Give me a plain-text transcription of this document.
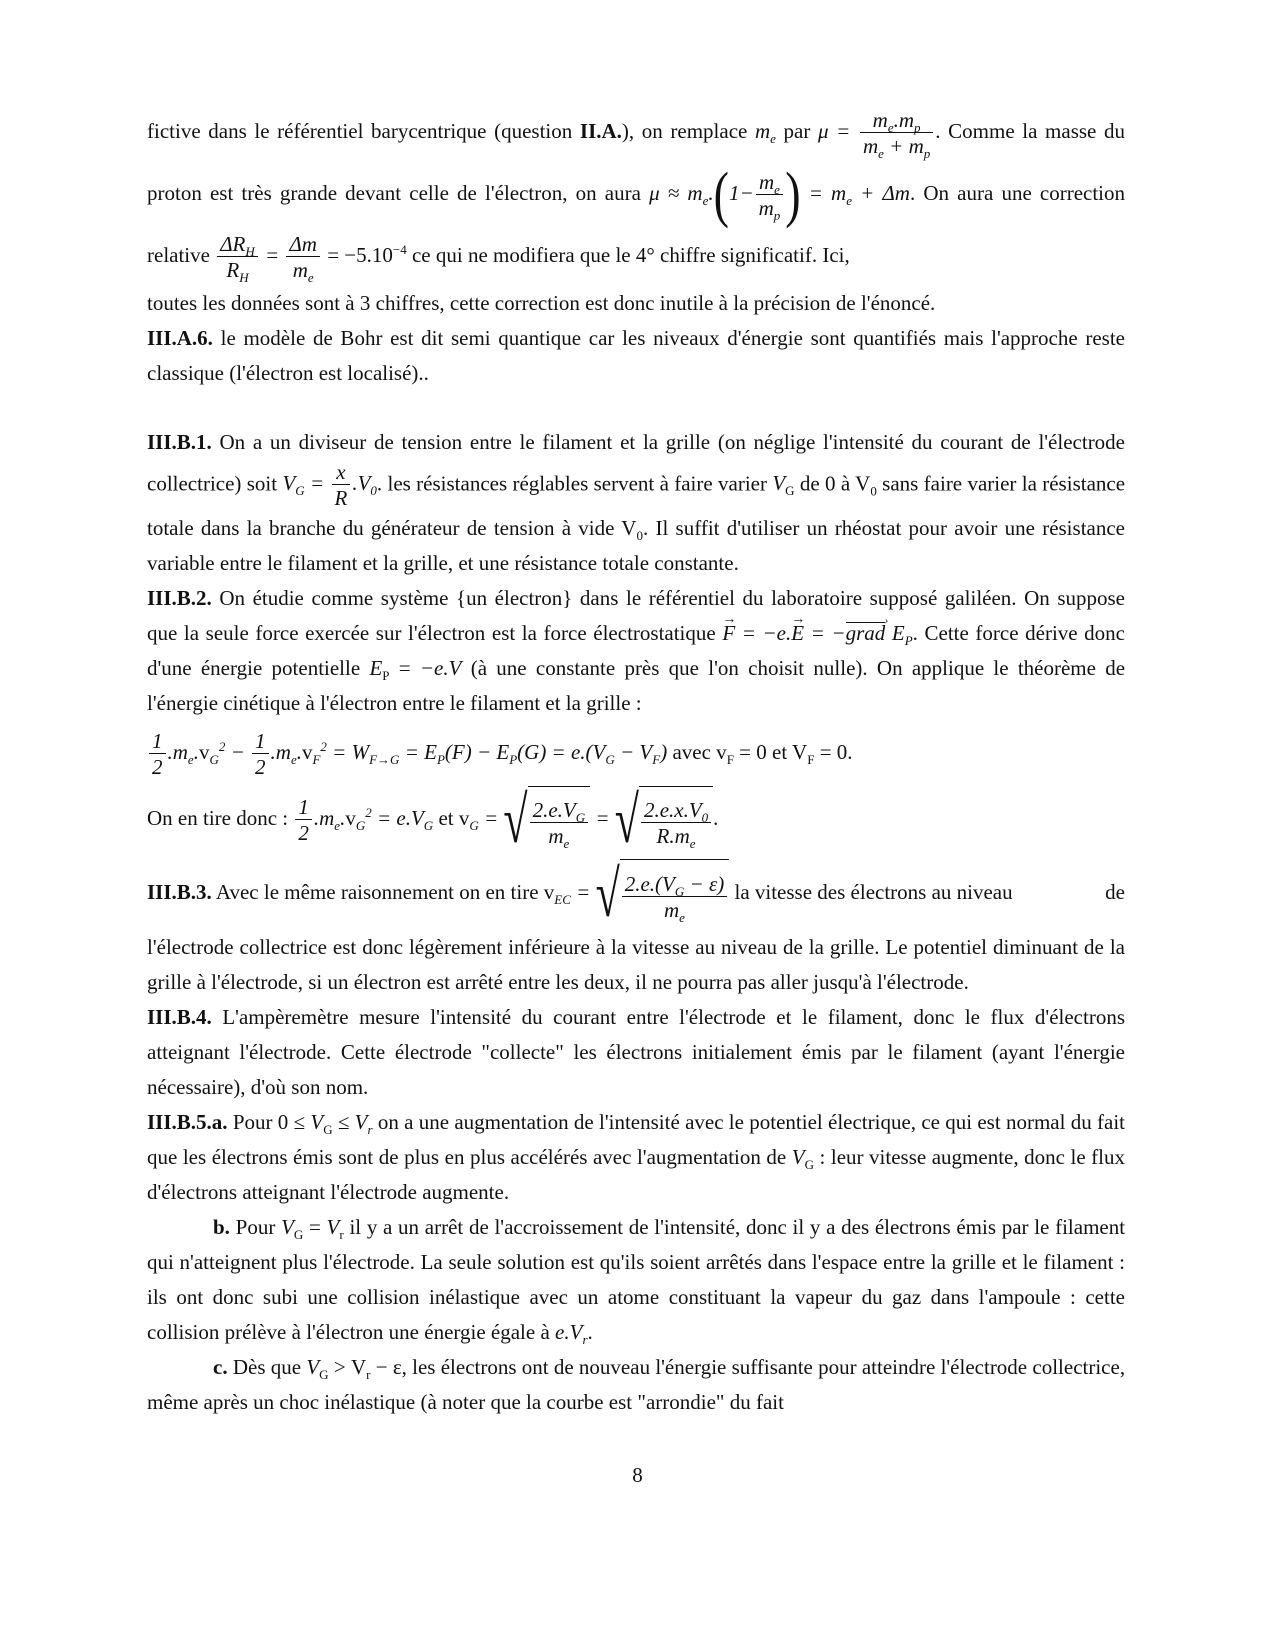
fictive dans le référentiel barycentrique (question II.A.), on remplace $m_e$ par $\mu = \frac{m_e.m_p}{m_e + m_p}$ . Comme la masse du proton est très grande devant celle de l'électron, on aura $\mu \approx m_e.(1- \frac{m_e}{m_p}$ ) = $m_e + \Delta m$. On aura une correction relative $\frac{\Delta R_H}{R_H} = \frac{\Delta m}{m_e} = -5.10^{-4}$ ce qui ne modifiera que le 4° chiffre significatif. Ici,

toutes les données sont à 3 chiffres, cette correction est donc inutile à la précision de l'énoncé.

III.A.6. le modèle de Bohr est dit semi quantique car les niveaux d'énergie sont quantifiés mais l'approche reste classique (l'électron est localisé)..

III.B.1. On a un diviseur de tension entre le filament et la grille (on néglige l'intensité du courant de l'électrode collectrice) soit $V_G = \frac{x}{R} .V_0$. les résistances réglables servent à faire varier $V_G$ de 0 à $V_0$ sans faire varier la résistance totale dans la branche du générateur de tension à vide $V_0$. Il suffit d'utiliser un rhéostat pour avoir une résistance variable entre le filament et la grille, et une résistance totale constante.

III.B.2. On étudie comme système {un électron} dans le référentiel du laboratoire supposé galiléen. On suppose que la seule force exercée sur l'électron est la force électrostatique F → = −e.E → = −grad › $E_P$. Cette force dérive donc d'une énergie potentielle $E_P = -e.V$ (à une constante près que l'on choisit nulle). On applique le théorème de l'énergie cinétique à l'électron entre le filament et la grille :

$\frac{1}{2} .m_e.v_G^2 - \frac{1}{2} .m_e.v_F^2 = W_{F\to G} = E_P(F) - E_P(G) = e.(V_G - V_F)$ avec $v_F = 0$ et $V_F = 0$.

On en tire donc : $\frac{1}{2} .m_e.v_G^2 = e.V_G$ et $v_G$ = √ $\frac{2.e.V_G}{m_e}$ = √ $\frac{2.e.x.V_0}{R.m_e}$ .

III.B.3. Avec le même raisonnement on en tire $v_{EC}$ = √ $\frac{2.e.(V_G - \varepsilon)}{m_e}$ la vitesse des électrons au niveau	de l'électrode collectrice est donc légèrement inférieure à la vitesse au niveau de la grille. Le potentiel diminuant de la grille à l'électrode, si un électron est arrêté entre les deux, il ne pourra pas aller jusqu'à l'électrode.

III.B.4. L'ampèremètre mesure l'intensité du courant entre l'électrode et le filament, donc le flux d'électrons atteignant l'électrode. Cette électrode "collecte" les électrons initialement émis par le filament (ayant l'énergie nécessaire), d'où son nom.

III.B.5.a. Pour $0 \le V_G \le V_r$ on a une augmentation de l'intensité avec le potentiel électrique, ce qui est normal du fait que les électrons émis sont de plus en plus accélérés avec l'augmentation de $V_G$ : leur vitesse augmente, donc le flux d'électrons atteignant l'électrode augmente.

b. Pour $V_G = V_r$ il y a un arrêt de l'accroissement de l'intensité, donc il y a des électrons émis par le filament qui n'atteignent plus l'électrode. La seule solution est qu'ils soient arrêtés dans l'espace entre la grille et le filament : ils ont donc subi une collision inélastique avec un atome constituant la vapeur du gaz dans l'ampoule : cette collision prélève à l'électron une énergie égale à $e.V_r$.

c. Dès que $V_G > V_r - \varepsilon$, les électrons ont de nouveau l'énergie suffisante pour atteindre l'électrode collectrice, même après un choc inélastique (à noter que la courbe est "arrondie" du fait

8
